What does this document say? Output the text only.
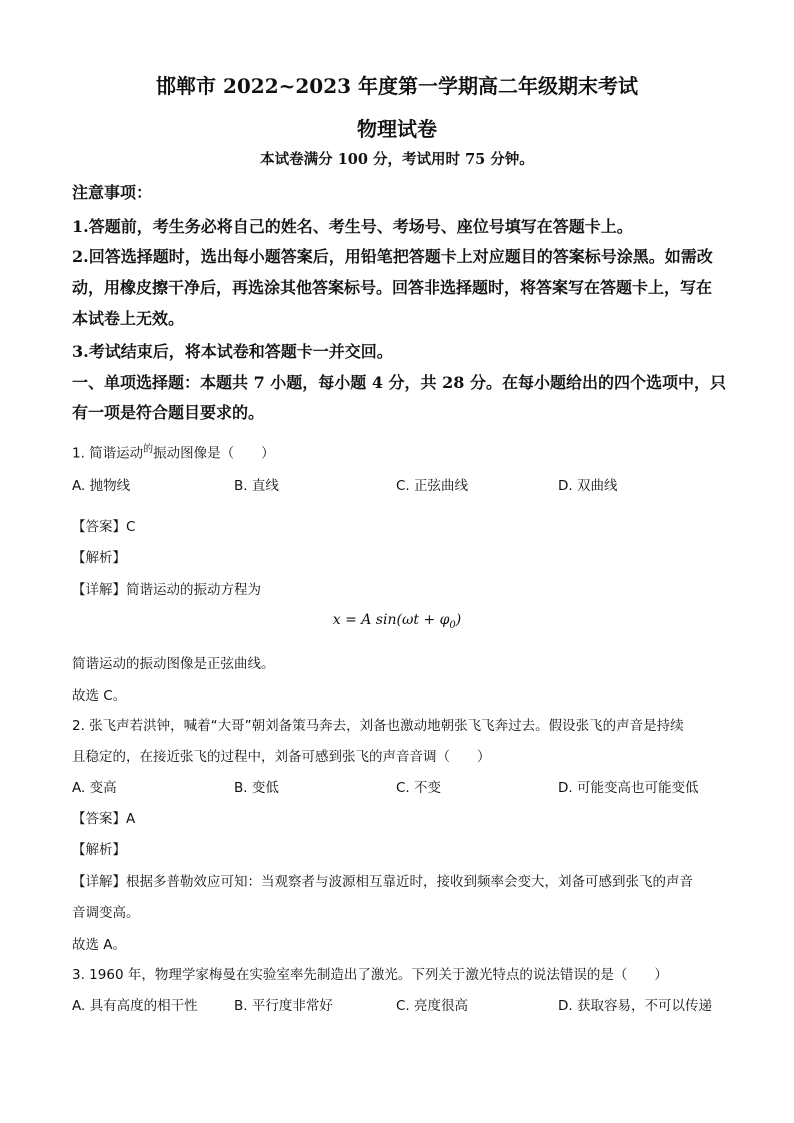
邯郸市 2022~2023 年度第一学期高二年级期末考试
物理试卷
本试卷满分 100 分，考试用时 75 分钟。
注意事项：
1.答题前，考生务必将自己的姓名、考生号、考场号、座位号填写在答题卡上。
2.回答选择题时，选出每小题答案后，用铅笔把答题卡上对应题目的答案标号涂黑。如需改
动，用橡皮擦干净后，再选涂其他答案标号。回答非选择题时，将答案写在答题卡上，写在
本试卷上无效。
3.考试结束后，将本试卷和答题卡一并交回。
一、单项选择题：本题共 7 小题，每小题 4 分，共 28 分。在每小题给出的四个选项中，只
有一项是符合题目要求的。
1. 简谐运动$^的$振动图像是（　　）
A. 抛物线	B. 直线	C. 正弦曲线	D. 双曲线
【答案】C
【解析】
【详解】简谐运动的振动方程为
x = A $\sin(\omega t + \varphi_0)$
简谐运动的振动图像是正弦曲线。
故选 C。
2. 张飞声若洪钟，喊着“大哥”朝刘备策马奔去，刘备也激动地朝张飞飞奔过去。假设张飞的声音是持续
且稳定的，在接近张飞的过程中，刘备可感到张飞的声音音调（　　）
A. 变高	B. 变低	C. 不变	D. 可能变高也可能变低
【答案】A
【解析】
【详解】根据多普勒效应可知：当观察者与波源相互靠近时，接收到频率会变大，刘备可感到张飞的声音
音调变高。
故选 A。
3. 1960 年，物理学家梅曼在实验室率先制造出了激光。下列关于激光特点的说法错误的是（　　）
A. 具有高度的相干性	B. 平行度非常好	C. 亮度很高	D. 获取容易，不可以传递
